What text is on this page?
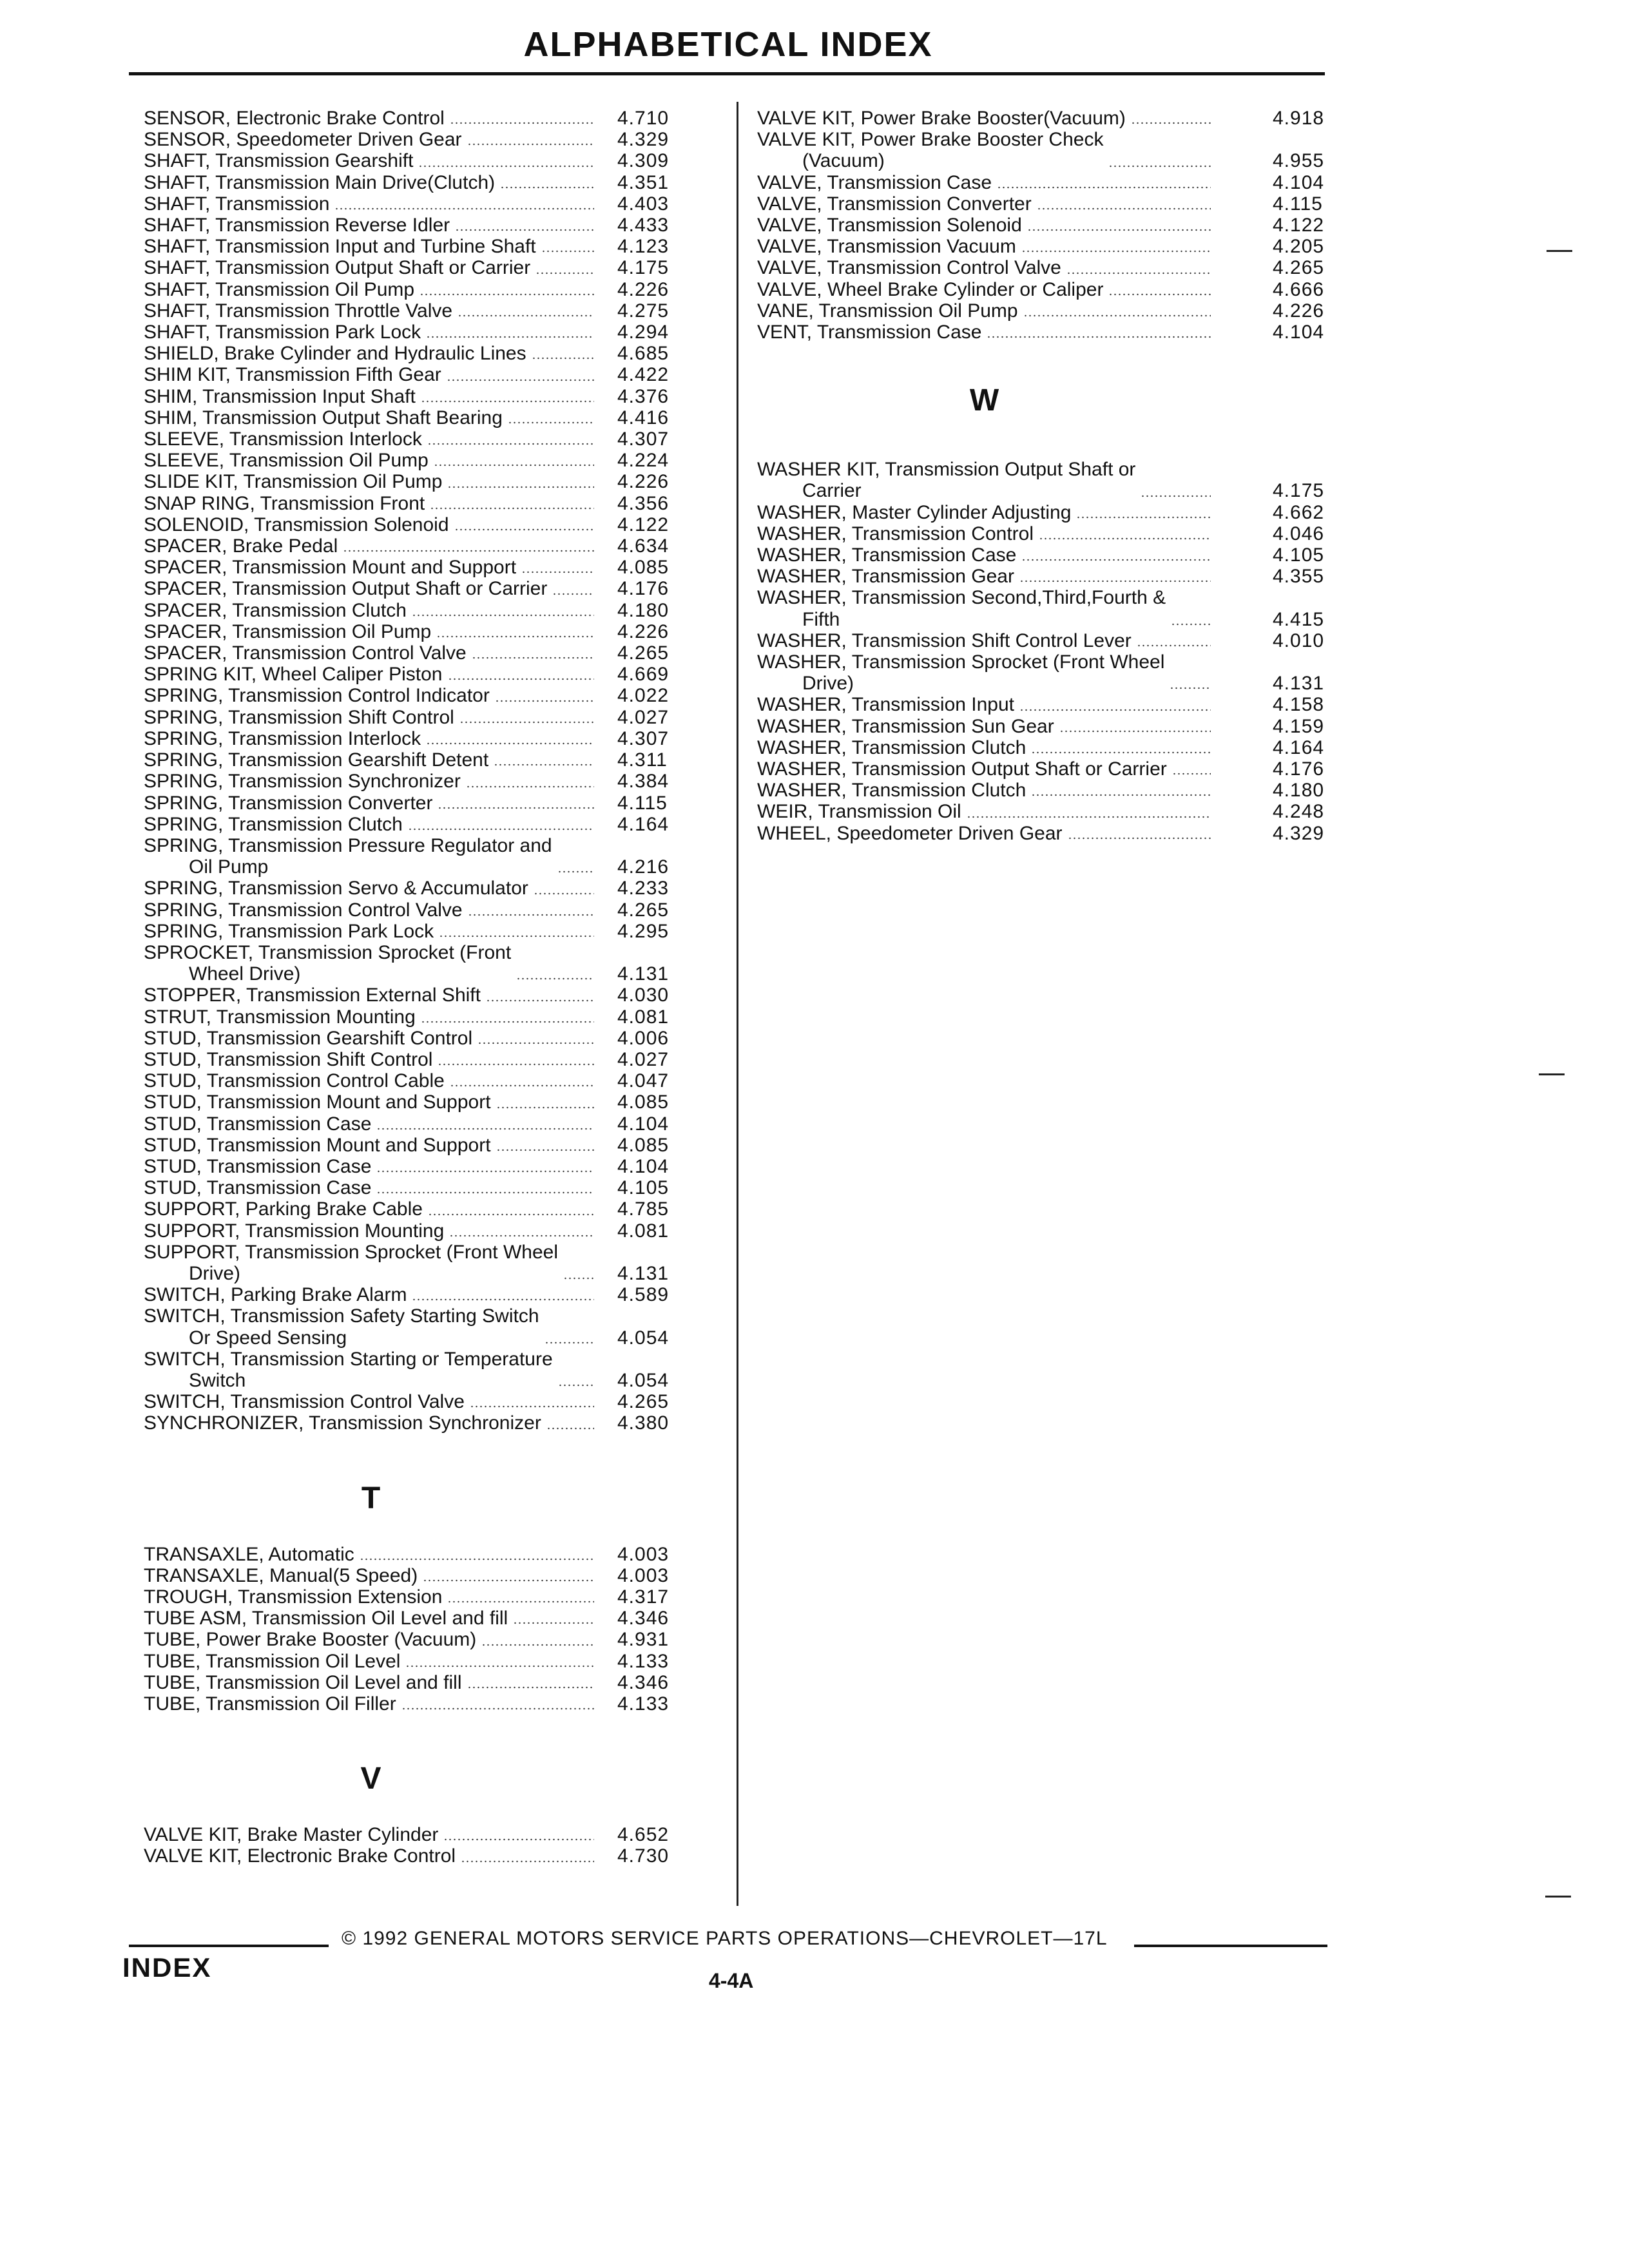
ALPHABETICAL INDEX
SENSOR, Electronic Brake Control	4.710
SENSOR, Speedometer Driven Gear	4.329
SHAFT, Transmission Gearshift	4.309
SHAFT, Transmission Main Drive(Clutch)	4.351
SHAFT, Transmission	4.403
SHAFT, Transmission Reverse Idler	4.433
SHAFT, Transmission Input and Turbine Shaft	4.123
SHAFT, Transmission Output Shaft or Carrier	4.175
SHAFT, Transmission Oil Pump	4.226
SHAFT, Transmission Throttle Valve	4.275
SHAFT, Transmission Park Lock	4.294
SHIELD, Brake Cylinder and Hydraulic Lines	4.685
SHIM KIT, Transmission Fifth Gear	4.422
SHIM, Transmission Input Shaft	4.376
SHIM, Transmission Output Shaft Bearing	4.416
SLEEVE, Transmission Interlock	4.307
SLEEVE, Transmission Oil Pump	4.224
SLIDE KIT, Transmission Oil Pump	4.226
SNAP RING, Transmission Front	4.356
SOLENOID, Transmission Solenoid	4.122
SPACER, Brake Pedal	4.634
SPACER, Transmission Mount and Support	4.085
SPACER, Transmission Output Shaft or Carrier	4.176
SPACER, Transmission Clutch	4.180
SPACER, Transmission Oil Pump	4.226
SPACER, Transmission Control Valve	4.265
SPRING KIT, Wheel Caliper Piston	4.669
SPRING, Transmission Control Indicator	4.022
SPRING, Transmission Shift Control	4.027
SPRING, Transmission Interlock	4.307
SPRING, Transmission Gearshift Detent	4.311
SPRING, Transmission Synchronizer	4.384
SPRING, Transmission Converter	4.115
SPRING, Transmission Clutch	4.164
SPRING, Transmission Pressure Regulator and
Oil Pump	4.216
SPRING, Transmission Servo & Accumulator	4.233
SPRING, Transmission Control Valve	4.265
SPRING, Transmission Park Lock	4.295
SPROCKET, Transmission Sprocket (Front
Wheel Drive)	4.131
STOPPER, Transmission External Shift	4.030
STRUT, Transmission Mounting	4.081
STUD, Transmission Gearshift Control	4.006
STUD, Transmission Shift Control	4.027
STUD, Transmission Control Cable	4.047
STUD, Transmission Mount and Support	4.085
STUD, Transmission Case	4.104
STUD, Transmission Mount and Support	4.085
STUD, Transmission Case	4.104
STUD, Transmission Case	4.105
SUPPORT, Parking Brake Cable	4.785
SUPPORT, Transmission Mounting	4.081
SUPPORT, Transmission Sprocket (Front Wheel
Drive)	4.131
SWITCH, Parking Brake Alarm	4.589
SWITCH, Transmission Safety Starting Switch
Or Speed Sensing	4.054
SWITCH, Transmission Starting or Temperature
Switch	4.054
SWITCH, Transmission Control Valve	4.265
SYNCHRONIZER, Transmission Synchronizer	4.380
T
TRANSAXLE, Automatic	4.003
TRANSAXLE, Manual(5 Speed)	4.003
TROUGH, Transmission Extension	4.317
TUBE ASM, Transmission Oil Level and fill	4.346
TUBE, Power Brake Booster (Vacuum)	4.931
TUBE, Transmission Oil Level	4.133
TUBE, Transmission Oil Level and fill	4.346
TUBE, Transmission Oil Filler	4.133
V
VALVE KIT, Brake Master Cylinder	4.652
VALVE KIT, Electronic Brake Control	4.730
VALVE KIT, Power Brake Booster(Vacuum)	4.918
VALVE KIT, Power Brake Booster Check
(Vacuum)	4.955
VALVE, Transmission Case	4.104
VALVE, Transmission Converter	4.115
VALVE, Transmission Solenoid	4.122
VALVE, Transmission Vacuum	4.205
VALVE, Transmission Control Valve	4.265
VALVE, Wheel Brake Cylinder or Caliper	4.666
VANE, Transmission Oil Pump	4.226
VENT, Transmission Case	4.104
W
WASHER KIT, Transmission Output Shaft or
Carrier	4.175
WASHER, Master Cylinder Adjusting	4.662
WASHER, Transmission Control	4.046
WASHER, Transmission Case	4.105
WASHER, Transmission Gear	4.355
WASHER, Transmission Second,Third,Fourth &
Fifth	4.415
WASHER, Transmission Shift Control Lever	4.010
WASHER, Transmission Sprocket (Front Wheel
Drive)	4.131
WASHER, Transmission Input	4.158
WASHER, Transmission Sun Gear	4.159
WASHER, Transmission Clutch	4.164
WASHER, Transmission Output Shaft or Carrier	4.176
WASHER, Transmission Clutch	4.180
WEIR, Transmission Oil	4.248
WHEEL, Speedometer Driven Gear	4.329
© 1992 GENERAL MOTORS SERVICE PARTS OPERATIONS—CHEVROLET—17L
INDEX	4-4A
